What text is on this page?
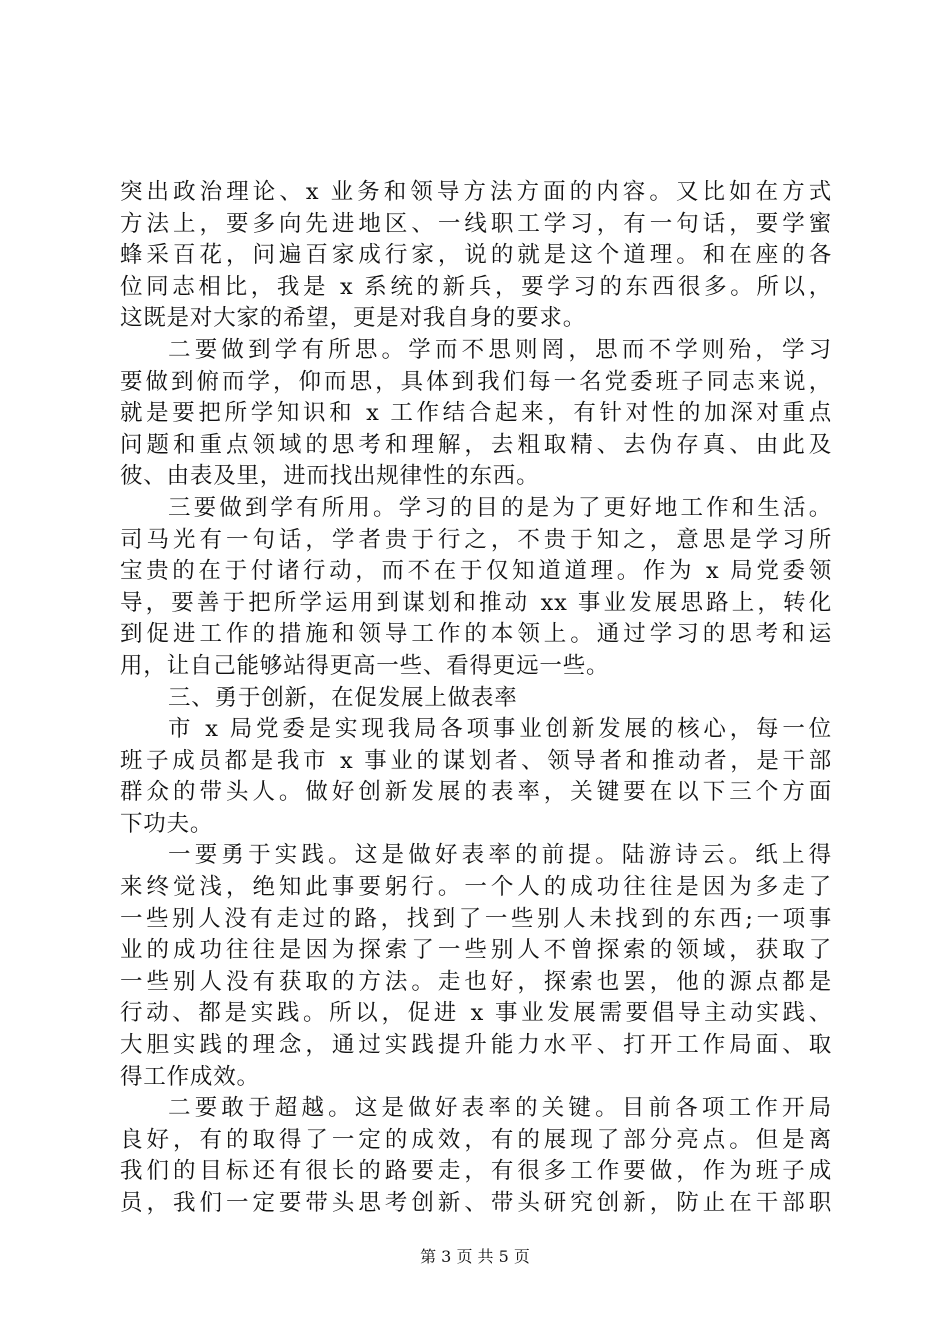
突出政治理论、x 业务和领导方法方面的内容。又比如在方式
方法上，要多向先进地区、一线职工学习，有一句话，要学蜜
蜂采百花，问遍百家成行家，说的就是这个道理。和在座的各
位同志相比，我是 x 系统的新兵，要学习的东西很多。所以，
这既是对大家的希望，更是对我自身的要求。
二要做到学有所思。学而不思则罔，思而不学则殆，学习
要做到俯而学，仰而思，具体到我们每一名党委班子同志来说，
就是要把所学知识和 x 工作结合起来，有针对性的加深对重点
问题和重点领域的思考和理解，去粗取精、去伪存真、由此及
彼、由表及里，进而找出规律性的东西。
三要做到学有所用。学习的目的是为了更好地工作和生活。
司马光有一句话，学者贵于行之，不贵于知之，意思是学习所
宝贵的在于付诸行动，而不在于仅知道道理。作为 x 局党委领
导，要善于把所学运用到谋划和推动 xx 事业发展思路上，转化
到促进工作的措施和领导工作的本领上。通过学习的思考和运
用，让自己能够站得更高一些、看得更远一些。
三、勇于创新，在促发展上做表率
市 x 局党委是实现我局各项事业创新发展的核心，每一位
班子成员都是我市 x 事业的谋划者、领导者和推动者，是干部
群众的带头人。做好创新发展的表率，关键要在以下三个方面
下功夫。
一要勇于实践。这是做好表率的前提。陆游诗云。纸上得
来终觉浅，绝知此事要躬行。一个人的成功往往是因为多走了
一些别人没有走过的路，找到了一些别人未找到的东西;一项事
业的成功往往是因为探索了一些别人不曾探索的领域，获取了
一些别人没有获取的方法。走也好，探索也罢，他的源点都是
行动、都是实践。所以，促进 x 事业发展需要倡导主动实践、
大胆实践的理念，通过实践提升能力水平、打开工作局面、取
得工作成效。
二要敢于超越。这是做好表率的关键。目前各项工作开局
良好，有的取得了一定的成效，有的展现了部分亮点。但是离
我们的目标还有很长的路要走，有很多工作要做，作为班子成
员，我们一定要带头思考创新、带头研究创新，防止在干部职
第 3 页 共 5 页
